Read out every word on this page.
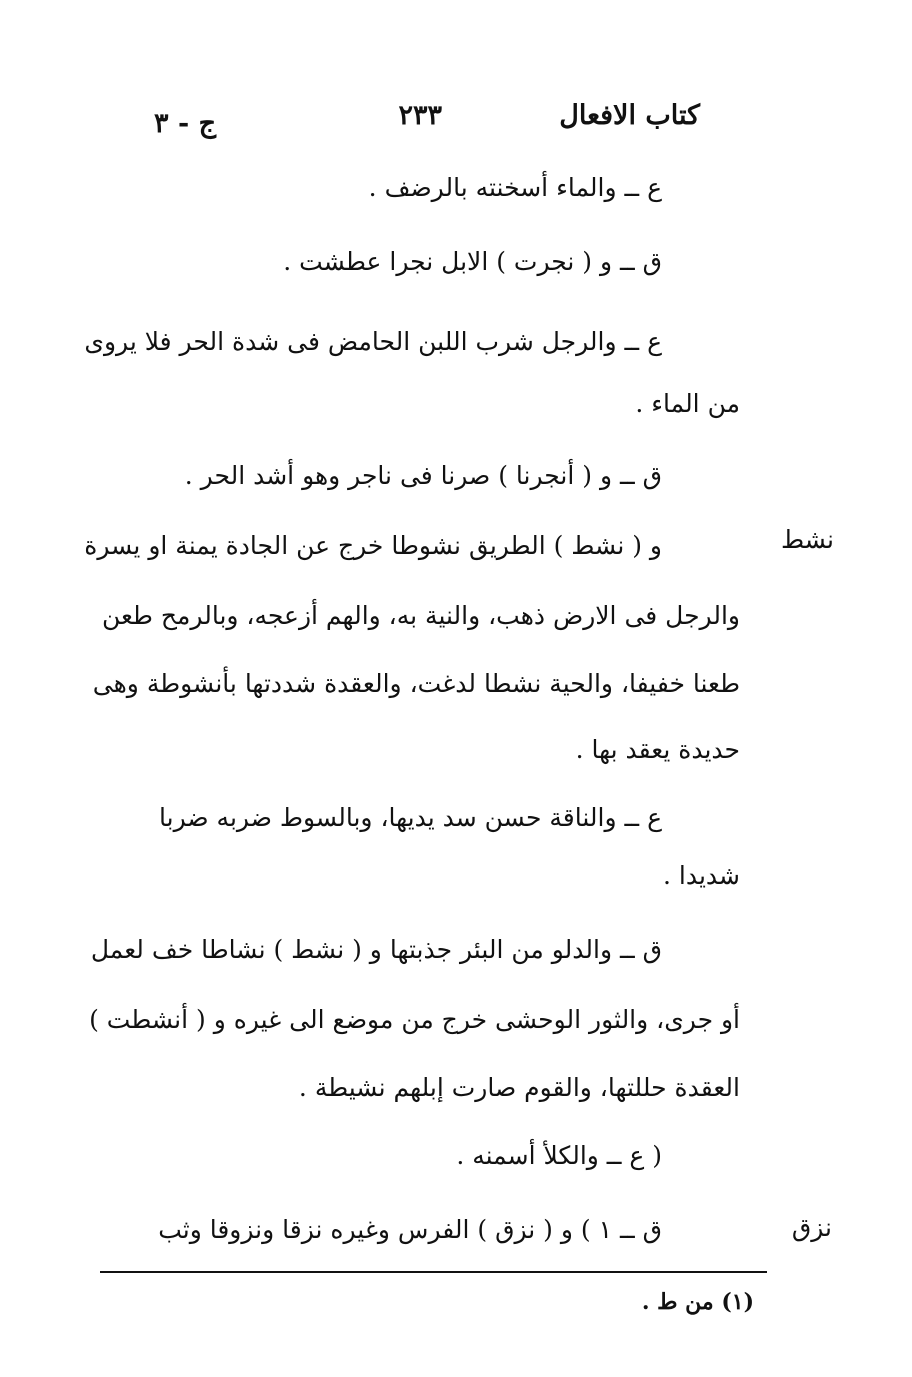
كتاب الافعال
٢٣٣
ج - ٣
نشط
نزق
ع ــ والماء أسخنته بالرضف .
ق ــ و ( نجرت ) الابل نجرا عطشت .
ع ــ والرجل شرب اللبن الحامض فى شدة الحر فلا يروى
من الماء .
ق ــ و ( أنجرنا ) صرنا فى ناجر وهو أشد الحر .
و ( نشط ) الطريق نشوطا خرج عن الجادة يمنة او يسرة
والرجل فى الارض ذهب، والنية به، والهم أزعجه، وبالرمح طعن
طعنا خفيفا، والحية نشطا لدغت، والعقدة شددتها بأنشوطة وهى
حديدة يعقد بها .
ع ــ والناقة حسن سد يديها، وبالسوط ضربه ضربا
شديدا .
ق ــ والدلو من البئر جذبتها و ( نشط ) نشاطا خف لعمل
أو جرى، والثور الوحشى خرج من موضع الى غيره و ( أنشطت )
العقدة حللتها، والقوم صارت إبلهم نشيطة .
( ع ــ والكلأ أسمنه .
ق ــ ١ ) و ( نزق ) الفرس وغيره نزقا ونزوقا وثب
(١) من ط .
